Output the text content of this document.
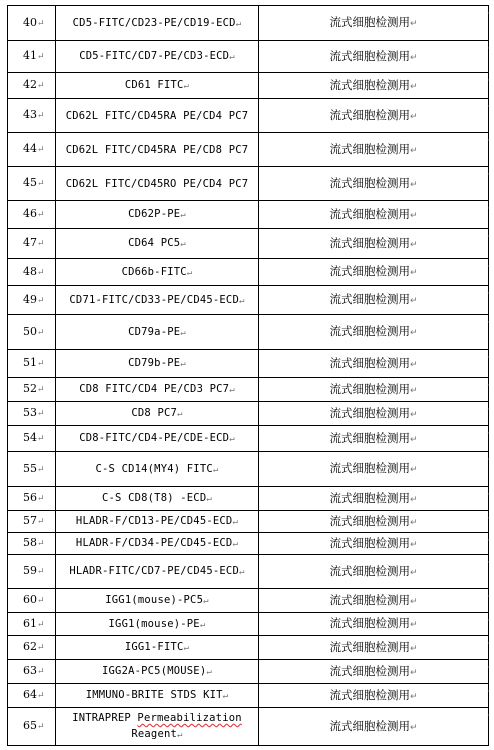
40↵	CD5-FITC/CD23-PE/CD19-ECD↵	流式细胞检测用↵
41↵	CD5-FITC/CD7-PE/CD3-ECD↵	流式细胞检测用↵
42↵	CD61 FITC↵	流式细胞检测用↵
43↵	CD62L FITC/CD45RA PE/CD4 PC7	流式细胞检测用↵
44↵	CD62L FITC/CD45RA PE/CD8 PC7	流式细胞检测用↵
45↵	CD62L FITC/CD45RO PE/CD4 PC7	流式细胞检测用↵
46↵	CD62P-PE↵	流式细胞检测用↵
47↵	CD64 PC5↵	流式细胞检测用↵
48↵	CD66b-FITC↵	流式细胞检测用↵
49↵	CD71-FITC/CD33-PE/CD45-ECD↵	流式细胞检测用↵
50↵	CD79a-PE↵	流式细胞检测用↵
51↵	CD79b-PE↵	流式细胞检测用↵
52↵	CD8 FITC/CD4 PE/CD3 PC7↵	流式细胞检测用↵
53↵	CD8 PC7↵	流式细胞检测用↵
54↵	CD8-FITC/CD4-PE/CDE-ECD↵	流式细胞检测用↵
55↵	C-S CD14(MY4) FITC↵	流式细胞检测用↵
56↵	C-S CD8(T8) -ECD↵	流式细胞检测用↵
57↵	HLADR-F/CD13-PE/CD45-ECD↵	流式细胞检测用↵
58↵	HLADR-F/CD34-PE/CD45-ECD↵	流式细胞检测用↵
59↵	HLADR-FITC/CD7-PE/CD45-ECD↵	流式细胞检测用↵
60↵	IGG1(mouse)-PC5↵	流式细胞检测用↵
61↵	IGG1(mouse)-PE↵	流式细胞检测用↵
62↵	IGG1-FITC↵	流式细胞检测用↵
63↵	IGG2A-PC5(MOUSE)↵	流式细胞检测用↵
64↵	IMMUNO-BRITE STDS KIT↵	流式细胞检测用↵
65↵	INTRAPREP Permeabilization
Reagent↵	流式细胞检测用↵
·
·
·
·
·
·
·
·
·
·
·
·
·
·
·
·
·
·
·
·
·
·
·
·
·
·
